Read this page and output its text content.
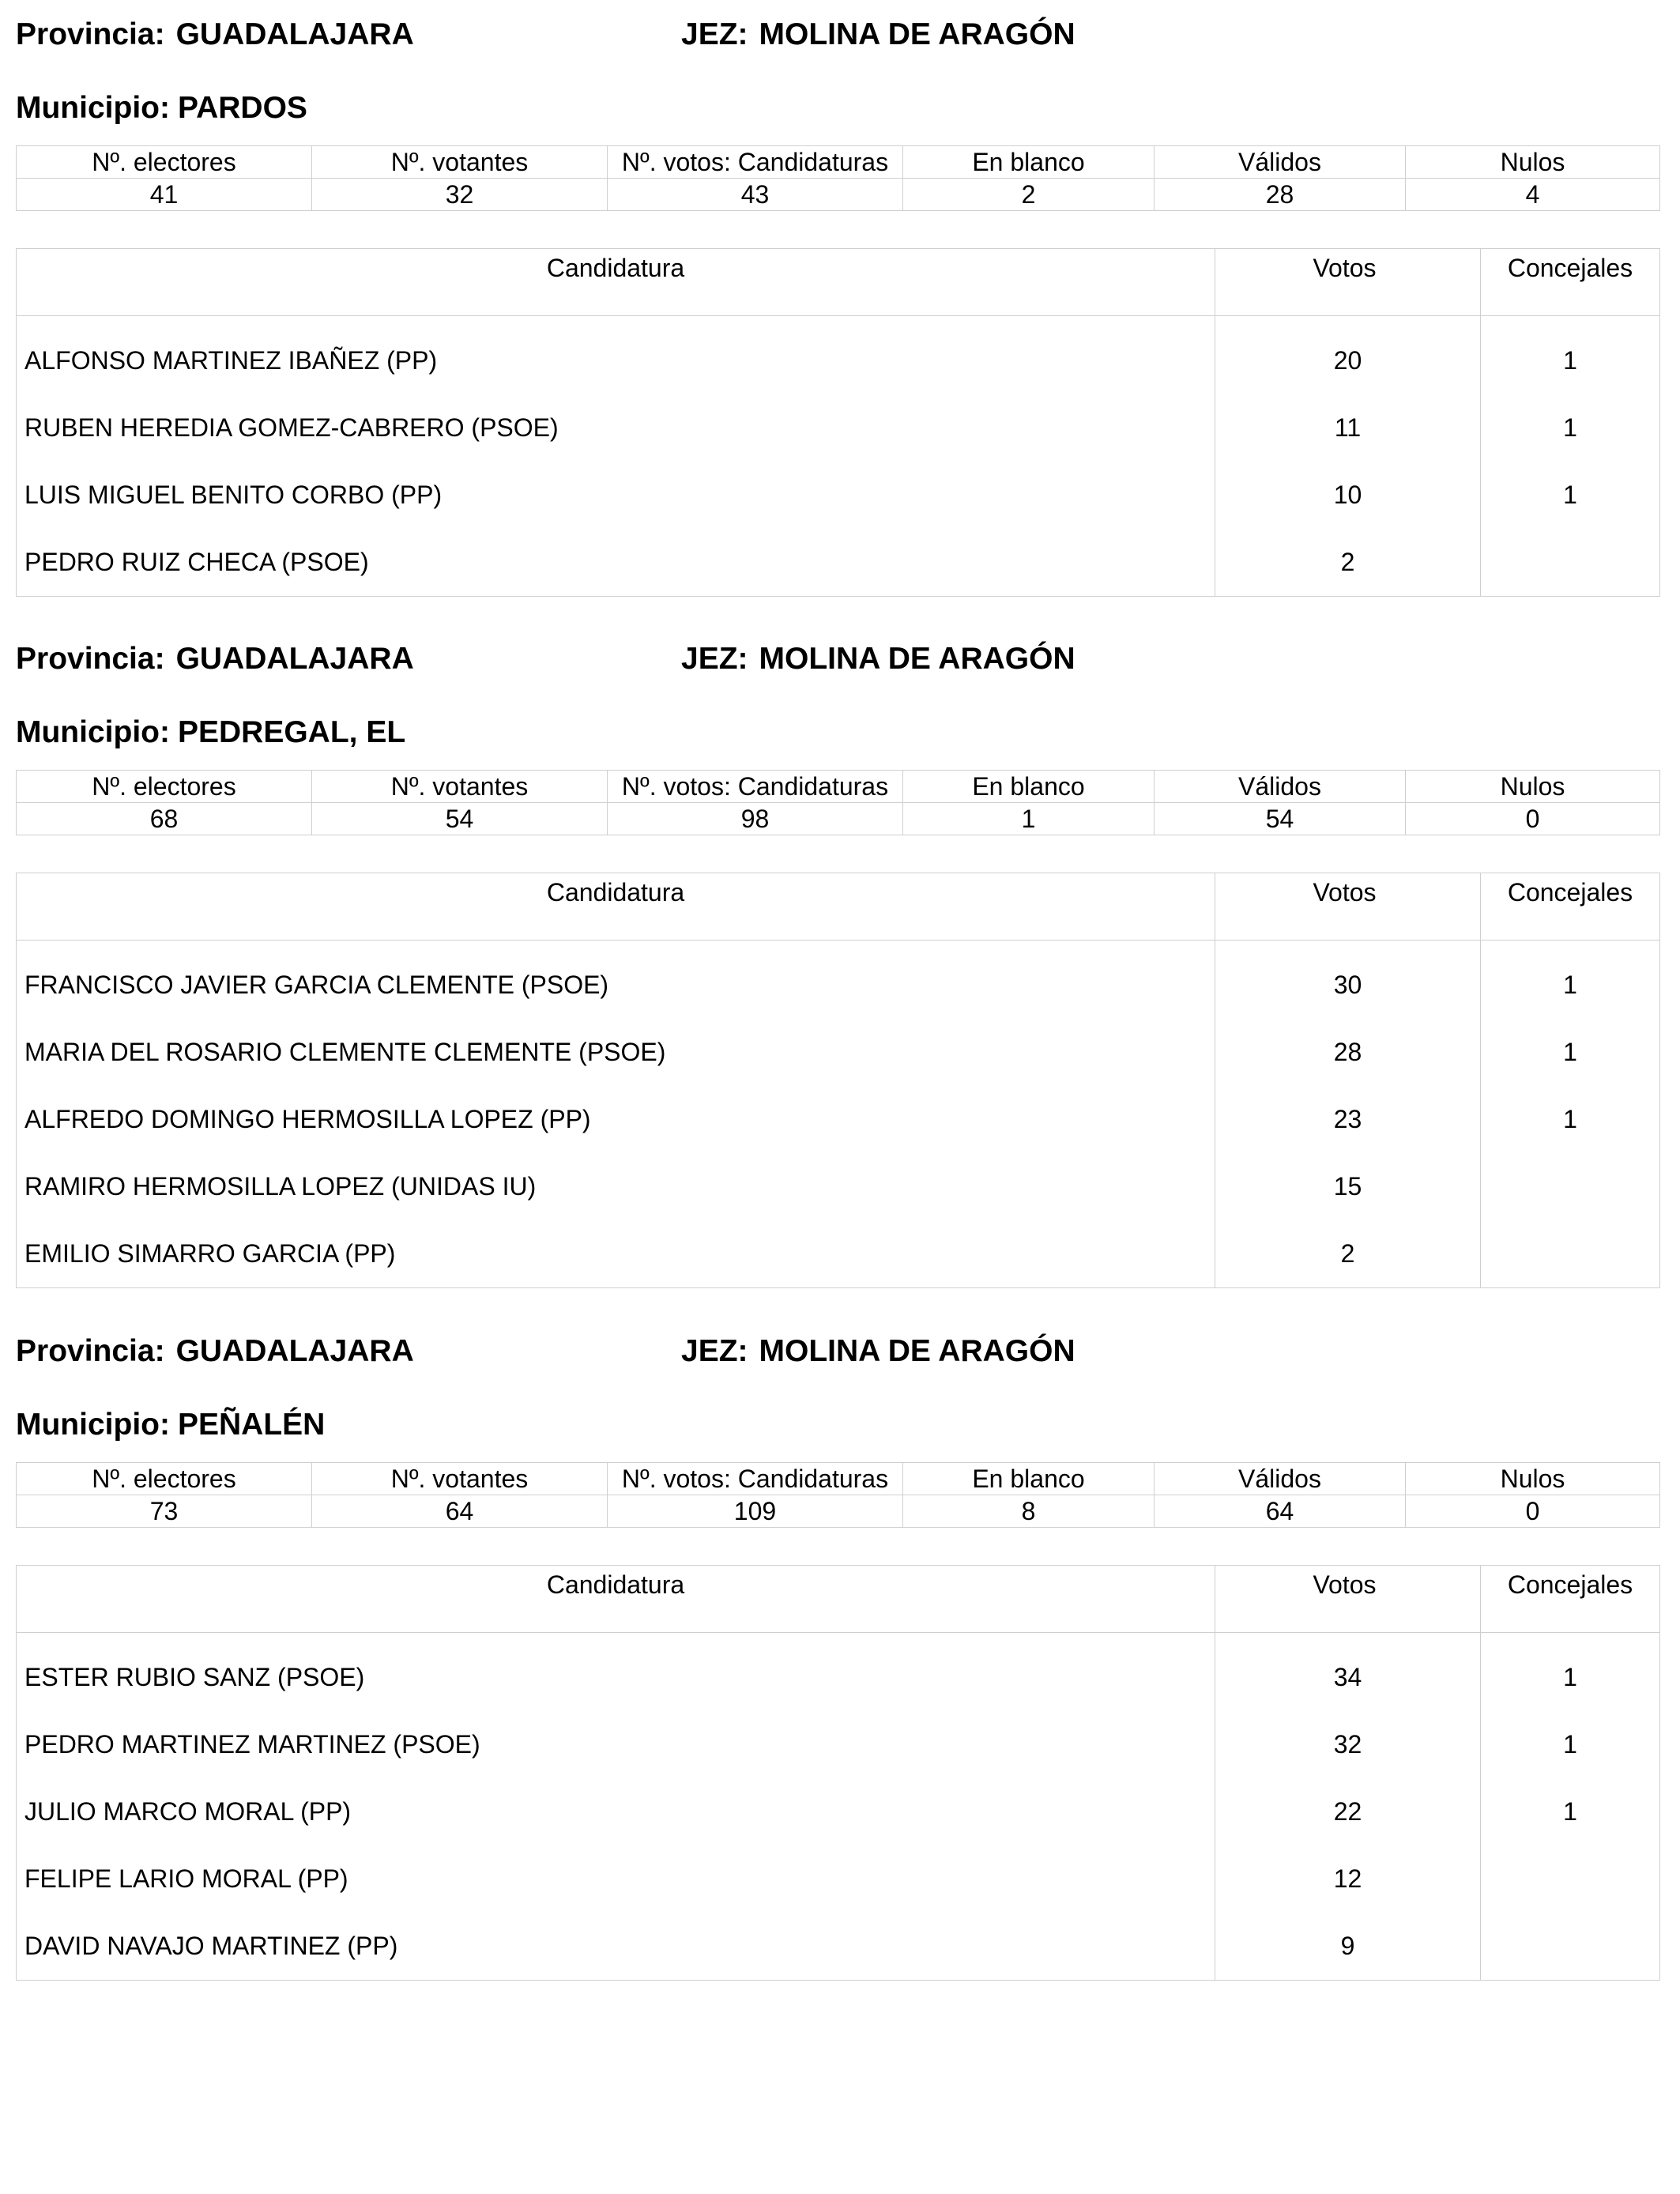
Provincia: GUADALAJARA	JEZ: MOLINA DE ARAGÓN
Municipio: PARDOS
Nº. electores	Nº. votantes	Nº. votos: Candidaturas	En blanco	Válidos	Nulos
41	32	43	2	28	4
Candidatura	Votos	Concejales

ALFONSO MARTINEZ IBAÑEZ (PP)	20	1
RUBEN HEREDIA GOMEZ-CABRERO (PSOE)	11	1
LUIS MIGUEL BENITO CORBO (PP)	10	1
PEDRO RUIZ CHECA (PSOE)	2	
Provincia: GUADALAJARA	JEZ: MOLINA DE ARAGÓN
Municipio: PEDREGAL, EL
Nº. electores	Nº. votantes	Nº. votos: Candidaturas	En blanco	Válidos	Nulos
68	54	98	1	54	0
Candidatura	Votos	Concejales

FRANCISCO JAVIER GARCIA CLEMENTE (PSOE)	30	1
MARIA DEL ROSARIO CLEMENTE CLEMENTE (PSOE)	28	1
ALFREDO DOMINGO HERMOSILLA LOPEZ (PP)	23	1
RAMIRO HERMOSILLA LOPEZ (UNIDAS IU)	15	
EMILIO SIMARRO GARCIA (PP)	2	
Provincia: GUADALAJARA	JEZ: MOLINA DE ARAGÓN
Municipio: PEÑALÉN
Nº. electores	Nº. votantes	Nº. votos: Candidaturas	En blanco	Válidos	Nulos
73	64	109	8	64	0
Candidatura	Votos	Concejales

ESTER RUBIO SANZ (PSOE)	34	1
PEDRO MARTINEZ MARTINEZ (PSOE)	32	1
JULIO MARCO MORAL (PP)	22	1
FELIPE LARIO MORAL (PP)	12	
DAVID NAVAJO MARTINEZ (PP)	9	
